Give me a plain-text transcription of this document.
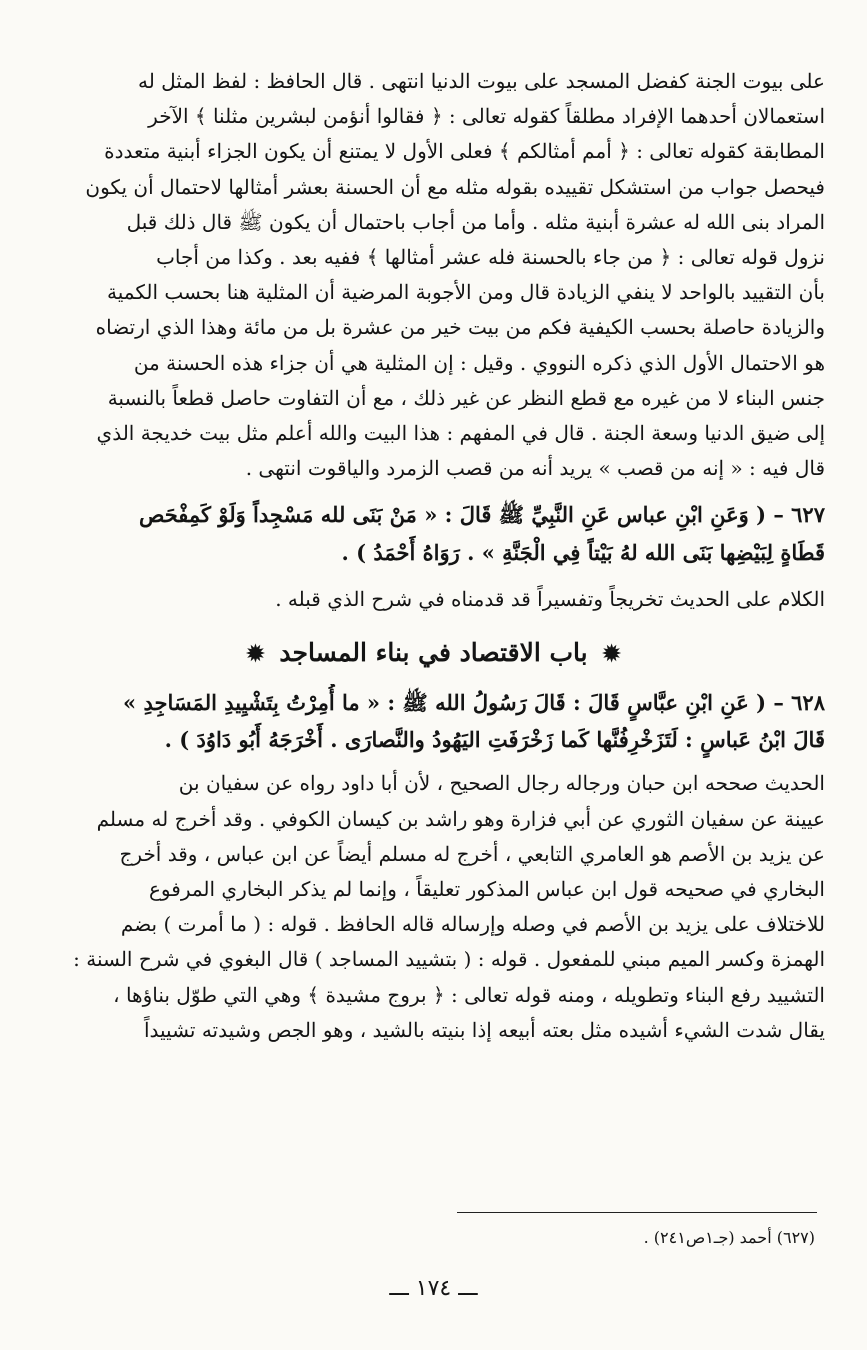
على بيوت الجنة كفضل المسجد على بيوت الدنيا انتهى . قال الحافظ : لفظ المثل له
استعمالان أحدهما الإفراد مطلقاً كقوله تعالى : ﴿ فقالوا أنؤمن لبشرين مثلنا ﴾ الآخر
المطابقة كقوله تعالى : ﴿ أمم أمثالكم ﴾ فعلى الأول لا يمتنع أن يكون الجزاء أبنية متعددة
فيحصل جواب من استشكل تقييده بقوله مثله مع أن الحسنة بعشر أمثالها لاحتمال أن يكون
المراد بنى الله له عشرة أبنية مثله . وأما من أجاب باحتمال أن يكون ﷺ قال ذلك قبل
نزول قوله تعالى : ﴿ من جاء بالحسنة فله عشر أمثالها ﴾ ففيه بعد . وكذا من أجاب
بأن التقييد بالواحد لا ينفي الزيادة قال ومن الأجوبة المرضية أن المثلية هنا بحسب الكمية
والزيادة حاصلة بحسب الكيفية فكم من بيت خير من عشرة بل من مائة وهذا الذي ارتضاه
هو الاحتمال الأول الذي ذكره النووي . وقيل : إن المثلية هي أن جزاء هذه الحسنة من
جنس البناء لا من غيره مع قطع النظر عن غير ذلك ، مع أن التفاوت حاصل قطعاً بالنسبة
إلى ضيق الدنيا وسعة الجنة . قال في المفهم : هذا البيت والله أعلم مثل بيت خديجة الذي
قال فيه : « إنه من قصب » يريد أنه من قصب الزمرد والياقوت انتهى .
٦٢٧ – ( وَعَنِ ابْنِ عباس عَنِ النَّبِيِّ ﷺ قَالَ : « مَنْ بَنَى لله مَسْجِداً وَلَوْ كَمِفْحَص
قَطَاةٍ لِبَيْضِها بَنَى الله لهُ بَيْتاً فِي الْجَنَّةِ » . رَوَاهُ أَحْمَدُ ) .
الكلام على الحديث تخريجاً وتفسيراً قد قدمناه في شرح الذي قبله .
✹ باب الاقتصاد في بناء المساجد ✹
٦٢٨ – ( عَنِ ابْنِ عبَّاسٍ قَالَ : قَالَ رَسُولُ الله ﷺ : « ما أُمِرْتُ بِتَشْيِيدِ المَسَاجِدِ »
قَالَ ابْنُ عَباسٍ : لَتَزَخْرِفُنَّها كَما زَخْرَفَتِ اليَهُودُ والنَّصارَى . أَخْرَجَهُ أَبُو دَاوُدَ ) .
الحديث صححه ابن حبان ورجاله رجال الصحيح ، لأن أبا داود رواه عن سفيان بن
عيينة عن سفيان الثوري عن أبي فزارة وهو راشد بن كيسان الكوفي . وقد أخرج له مسلم
عن يزيد بن الأصم هو العامري التابعي ، أخرج له مسلم أيضاً عن ابن عباس ، وقد أخرج
البخاري في صحيحه قول ابن عباس المذكور تعليقاً ، وإنما لم يذكر البخاري المرفوع
للاختلاف على يزيد بن الأصم في وصله وإرساله قاله الحافظ . قوله : ( ما أمرت ) بضم
الهمزة وكسر الميم مبني للمفعول . قوله : ( بتشييد المساجد ) قال البغوي في شرح السنة :
التشييد رفع البناء وتطويله ، ومنه قوله تعالى : ﴿ بروج مشيدة ﴾ وهي التي طوّل بناؤها ،
يقال شدت الشيء أشيده مثل بعته أبيعه إذا بنيته بالشيد ، وهو الجص وشيدته تشييداً
(٦٢٧) أحمد (جـ١ص٢٤١) .
ـــ ١٧٤ ـــ
